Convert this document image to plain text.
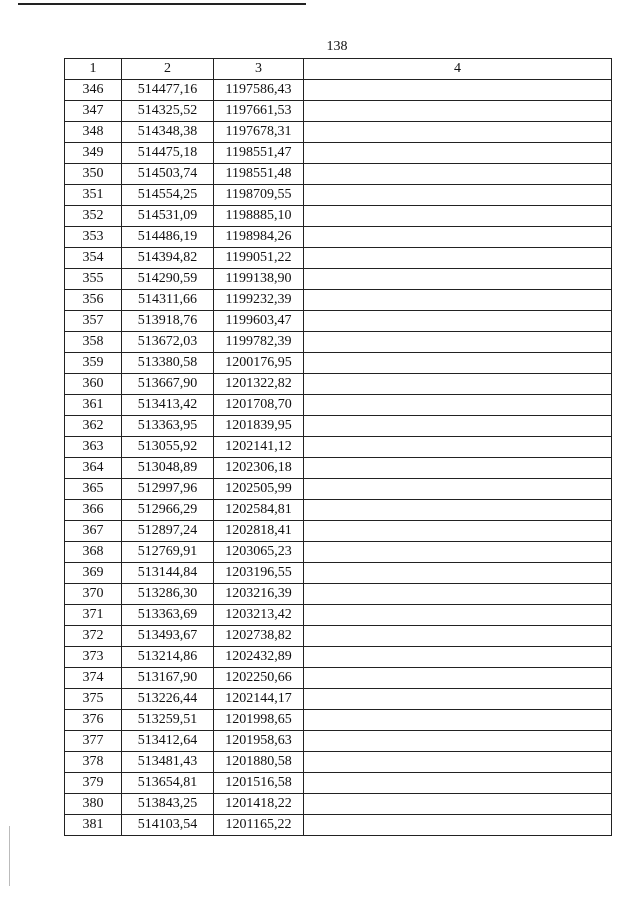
138
1	2	3	4
346	514477,16	1197586,43	
347	514325,52	1197661,53	
348	514348,38	1197678,31	
349	514475,18	1198551,47	
350	514503,74	1198551,48	
351	514554,25	1198709,55	
352	514531,09	1198885,10	
353	514486,19	1198984,26	
354	514394,82	1199051,22	
355	514290,59	1199138,90	
356	514311,66	1199232,39	
357	513918,76	1199603,47	
358	513672,03	1199782,39	
359	513380,58	1200176,95	
360	513667,90	1201322,82	
361	513413,42	1201708,70	
362	513363,95	1201839,95	
363	513055,92	1202141,12	
364	513048,89	1202306,18	
365	512997,96	1202505,99	
366	512966,29	1202584,81	
367	512897,24	1202818,41	
368	512769,91	1203065,23	
369	513144,84	1203196,55	
370	513286,30	1203216,39	
371	513363,69	1203213,42	
372	513493,67	1202738,82	
373	513214,86	1202432,89	
374	513167,90	1202250,66	
375	513226,44	1202144,17	
376	513259,51	1201998,65	
377	513412,64	1201958,63	
378	513481,43	1201880,58	
379	513654,81	1201516,58	
380	513843,25	1201418,22	
381	514103,54	1201165,22	
